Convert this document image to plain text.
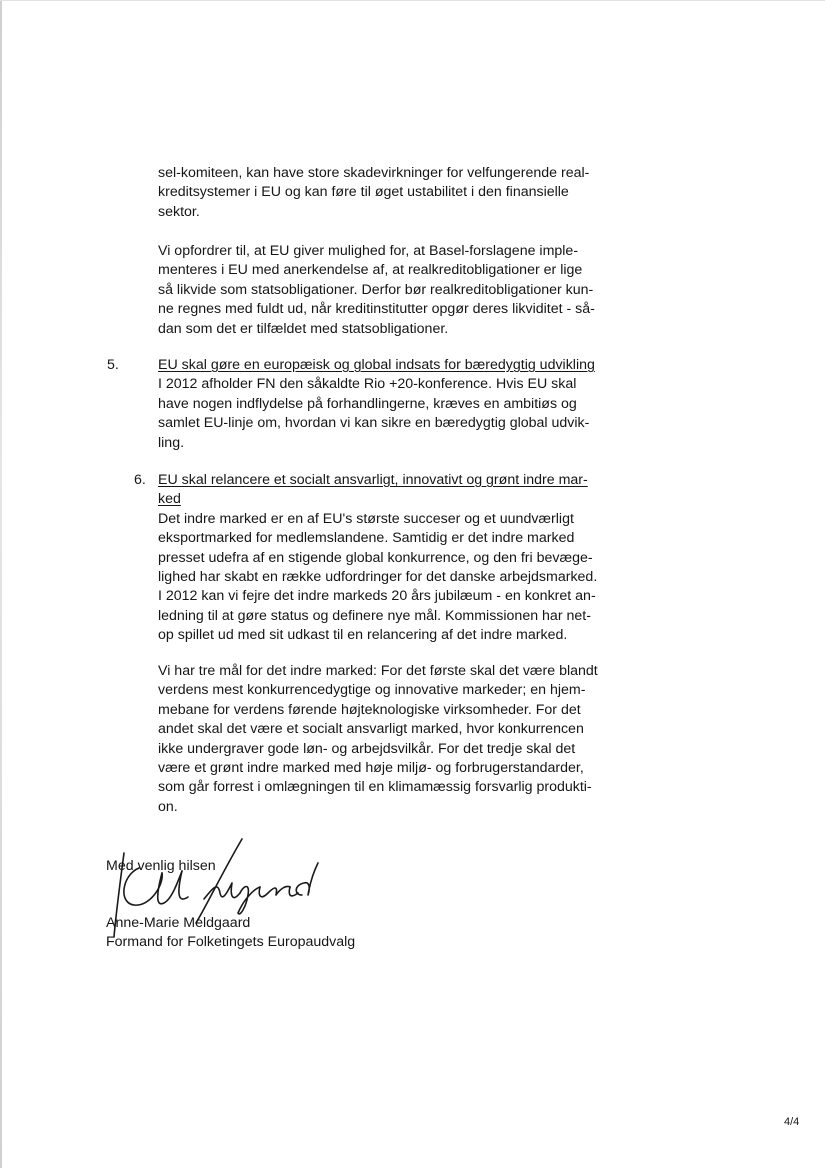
sel-komiteen, kan have store skadevirkninger for velfungerende real-
kreditsystemer i EU og kan føre til øget ustabilitet i den finansielle
sektor.
Vi opfordrer til, at EU giver mulighed for, at Basel-forslagene imple-
menteres i EU med anerkendelse af, at realkreditobligationer er lige
så likvide som statsobligationer. Derfor bør realkreditobligationer kun-
ne regnes med fuldt ud, når kreditinstitutter opgør deres likviditet - så-
dan som det er tilfældet med statsobligationer.
5.	EU skal gøre en europæisk og global indsats for bæredygtig udvikling
I 2012 afholder FN den såkaldte Rio +20-konference. Hvis EU skal
have nogen indflydelse på forhandlingerne, kræves en ambitiøs og
samlet EU-linje om, hvordan vi kan sikre en bæredygtig global udvik-
ling.
6. EU skal relancere et socialt ansvarligt, innovativt og grønt indre mar-
ked
Det indre marked er en af EU's største succeser og et uundværligt
eksportmarked for medlemslandene. Samtidig er det indre marked
presset udefra af en stigende global konkurrence, og den fri bevæge-
lighed har skabt en række udfordringer for det danske arbejdsmarked.
I 2012 kan vi fejre det indre markeds 20 års jubilæum - en konkret an-
ledning til at gøre status og definere nye mål. Kommissionen har net-
op spillet ud med sit udkast til en relancering af det indre marked.
Vi har tre mål for det indre marked: For det første skal det være blandt
verdens mest konkurrencedygtige og innovative markeder; en hjem-
mebane for verdens førende højteknologiske virksomheder. For det
andet skal det være et socialt ansvarligt marked, hvor konkurrencen
ikke undergraver gode løn- og arbejdsvilkår. For det tredje skal det
være et grønt indre marked med høje miljø- og forbrugerstandarder,
som går forrest i omlægningen til en klimamæssig forsvarlig produkti-
on.
Med venlig hilsen
Anne-Marie Meldgaard
Formand for Folketingets Europaudvalg
4/4
